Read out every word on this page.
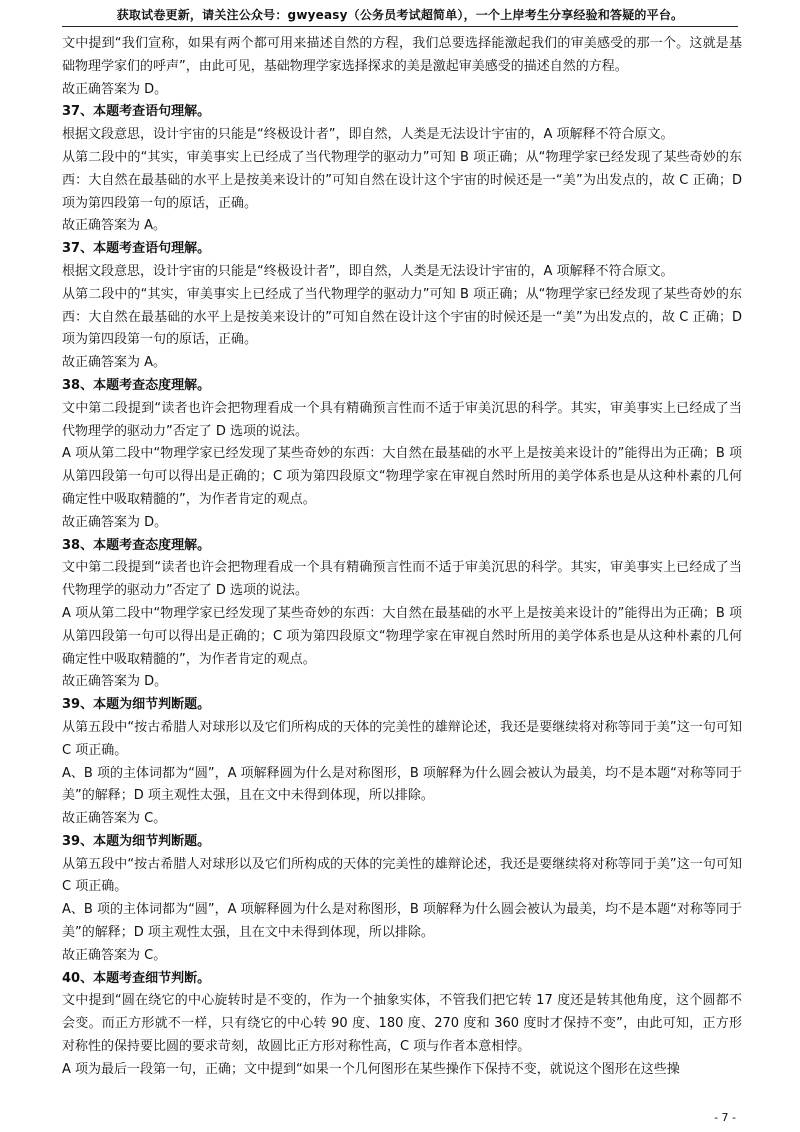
获取试卷更新，请关注公众号：gwyeasy（公务员考试超简单），一个上岸考生分享经验和答疑的平台。

文中提到“我们宣称，如果有两个都可用来描述自然的方程，我们总要选择能激起我们的审美感受的那一个。这就是基础物理学家们的呼声”，由此可见，基础物理学家选择探求的美是激起审美感受的描述自然的方程。

故正确答案为 D。

37、本题考查语句理解。

根据文段意思，设计宇宙的只能是“终极设计者”，即自然，人类是无法设计宇宙的，A 项解释不符合原文。

从第二段中的“其实，审美事实上已经成了当代物理学的驱动力”可知 B 项正确；从“物理学家已经发现了某些奇妙的东西：大自然在最基础的水平上是按美来设计的”可知自然在设计这个宇宙的时候还是一“美”为出发点的，故 C 正确；D 项为第四段第一句的原话，正确。

故正确答案为 A。

37、本题考查语句理解。

根据文段意思，设计宇宙的只能是“终极设计者”，即自然，人类是无法设计宇宙的，A 项解释不符合原文。

从第二段中的“其实，审美事实上已经成了当代物理学的驱动力”可知 B 项正确；从“物理学家已经发现了某些奇妙的东西：大自然在最基础的水平上是按美来设计的”可知自然在设计这个宇宙的时候还是一“美”为出发点的，故 C 正确；D 项为第四段第一句的原话，正确。

故正确答案为 A。

38、本题考查态度理解。

文中第二段提到“读者也许会把物理看成一个具有精确预言性而不适于审美沉思的科学。其实，审美事实上已经成了当代物理学的驱动力”否定了 D 选项的说法。

A 项从第二段中“物理学家已经发现了某些奇妙的东西：大自然在最基础的水平上是按美来设计的”能得出为正确；B 项从第四段第一句可以得出是正确的；C 项为第四段原文“物理学家在审视自然时所用的美学体系也是从这种朴素的几何确定性中吸取精髓的”，为作者肯定的观点。

故正确答案为 D。

38、本题考查态度理解。

文中第二段提到“读者也许会把物理看成一个具有精确预言性而不适于审美沉思的科学。其实，审美事实上已经成了当代物理学的驱动力”否定了 D 选项的说法。

A 项从第二段中“物理学家已经发现了某些奇妙的东西：大自然在最基础的水平上是按美来设计的”能得出为正确；B 项从第四段第一句可以得出是正确的；C 项为第四段原文“物理学家在审视自然时所用的美学体系也是从这种朴素的几何确定性中吸取精髓的”，为作者肯定的观点。

故正确答案为 D。

39、本题为细节判断题。

从第五段中“按古希腊人对球形以及它们所构成的天体的完美性的雄辩论述，我还是要继续将对称等同于美”这一句可知 C 项正确。

A、B 项的主体词都为“圆”，A 项解释圆为什么是对称图形，B 项解释为什么圆会被认为最美，均不是本题“对称等同于美”的解释；D 项主观性太强，且在文中未得到体现，所以排除。

故正确答案为 C。

39、本题为细节判断题。

从第五段中“按古希腊人对球形以及它们所构成的天体的完美性的雄辩论述，我还是要继续将对称等同于美”这一句可知 C 项正确。

A、B 项的主体词都为“圆”，A 项解释圆为什么是对称图形，B 项解释为什么圆会被认为最美，均不是本题“对称等同于美”的解释；D 项主观性太强，且在文中未得到体现，所以排除。

故正确答案为 C。

40、本题考查细节判断。

文中提到“圆在绕它的中心旋转时是不变的，作为一个抽象实体，不管我们把它转 17 度还是转其他角度，这个圆都不会变。而正方形就不一样，只有绕它的中心转 90 度、180 度、270 度和 360 度时才保持不变”，由此可知，正方形对称性的保持要比圆的要求苛刻，故圆比正方形对称性高，C 项与作者本意相悖。

A 项为最后一段第一句，正确；文中提到“如果一个几何图形在某些操作下保持不变，就说这个图形在这些操

- 7 -
